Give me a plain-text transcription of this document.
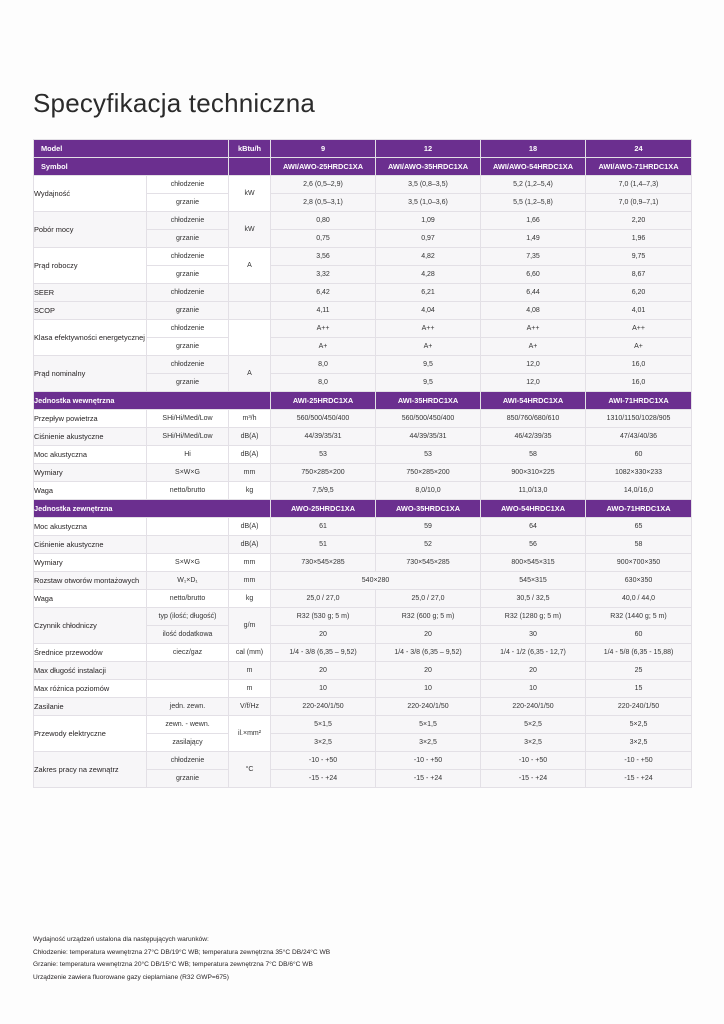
Specyfikacja techniczna
Model		kBtu/h	9	12	18	24
Symbol			AWI/AWO-25HRDC1XA	AWI/AWO-35HRDC1XA	AWI/AWO-54HRDC1XA	AWI/AWO-71HRDC1XA
Wydajność	chłodzenie	kW	2,6 (0,5–2,9)	3,5 (0,8–3,5)	5,2 (1,2–5,4)	7,0 (1,4–7,3)
	grzanie		2,8 (0,5–3,1)	3,5 (1,0–3,6)	5,5 (1,2–5,8)	7,0 (0,9–7,1)
Pobór mocy	chłodzenie	kW	0,80	1,09	1,66	2,20
	grzanie		0,75	0,97	1,49	1,96
Prąd roboczy	chłodzenie	A	3,56	4,82	7,35	9,75
	grzanie		3,32	4,28	6,60	8,67
SEER	chłodzenie		6,42	6,21	6,44	6,20
SCOP	grzanie		4,11	4,04	4,08	4,01
Klasa efektywności energetycznej	chłodzenie		A++	A++	A++	A++
	grzanie		A+	A+	A+	A+
Prąd nominalny	chłodzenie	A	8,0	9,5	12,0	16,0
	grzanie		8,0	9,5	12,0	16,0
Jednostka wewnętrzna			AWI-25HRDC1XA	AWI-35HRDC1XA	AWI-54HRDC1XA	AWI-71HRDC1XA
Przepływ powietrza	SHi/Hi/Med/Low	m³/h	560/500/450/400	560/500/450/400	850/760/680/610	1310/1150/1028/905
Ciśnienie akustyczne	SHi/Hi/Med/Low	dB(A)	44/39/35/31	44/39/35/31	46/42/39/35	47/43/40/36
Moc akustyczna	Hi	dB(A)	53	53	58	60
Wymiary	S×W×G	mm	750×285×200	750×285×200	900×310×225	1082×330×233
Waga	netto/brutto	kg	7,5/9,5	8,0/10,0	11,0/13,0	14,0/16,0
Jednostka zewnętrzna			AWO-25HRDC1XA	AWO-35HRDC1XA	AWO-54HRDC1XA	AWO-71HRDC1XA
Moc akustyczna		dB(A)	61	59	64	65
Ciśnienie akustyczne		dB(A)	51	52	56	58
Wymiary	S×W×G	mm	730×545×285	730×545×285	800×545×315	900×700×350
Rozstaw otworów montażowych	W₁×D₁	mm	540×280		545×315	630×350
Waga	netto/brutto	kg	25,0 / 27,0	25,0 / 27,0	30,5 / 32,5	40,0 / 44,0
Czynnik chłodniczy	typ (ilość; długość)	g/m	R32 (530 g; 5 m)	R32 (600 g; 5 m)	R32 (1280 g; 5 m)	R32 (1440 g; 5 m)
	ilość dodatkowa		20	20	30	60
Średnice przewodów	ciecz/gaz	cal (mm)	1/4 - 3/8 (6,35 – 9,52)	1/4 - 3/8 (6,35 – 9,52)	1/4 - 1/2 (6,35 - 12,7)	1/4 - 5/8 (6,35 - 15,88)
Max długość instalacji		m	20	20	20	25
Max różnica poziomów		m	10	10	10	15
Zasilanie	jedn. zewn.	V/f/Hz	220-240/1/50	220-240/1/50	220-240/1/50	220-240/1/50
Przewody elektryczne	zewn. - wewn.	il.×mm²	5×1,5	5×1,5	5×2,5	5×2,5
	zasilający		3×2,5	3×2,5	3×2,5	3×2,5
Zakres pracy na zewnątrz	chłodzenie	°C	-10 - +50	-10 - +50	-10 - +50	-10 - +50
	grzanie		-15 - +24	-15 - +24	-15 - +24	-15 - +24
Wydajność urządzeń ustalona dla następujących warunków:
Chłodzenie: temperatura wewnętrzna 27°C DB/19°C WB; temperatura zewnętrzna 35°C DB/24°C WB
Grzanie: temperatura wewnętrzna 20°C DB/15°C WB; temperatura zewnętrzna 7°C DB/6°C WB
Urządzenie zawiera fluorowane gazy cieplarniane (R32 GWP=675)
